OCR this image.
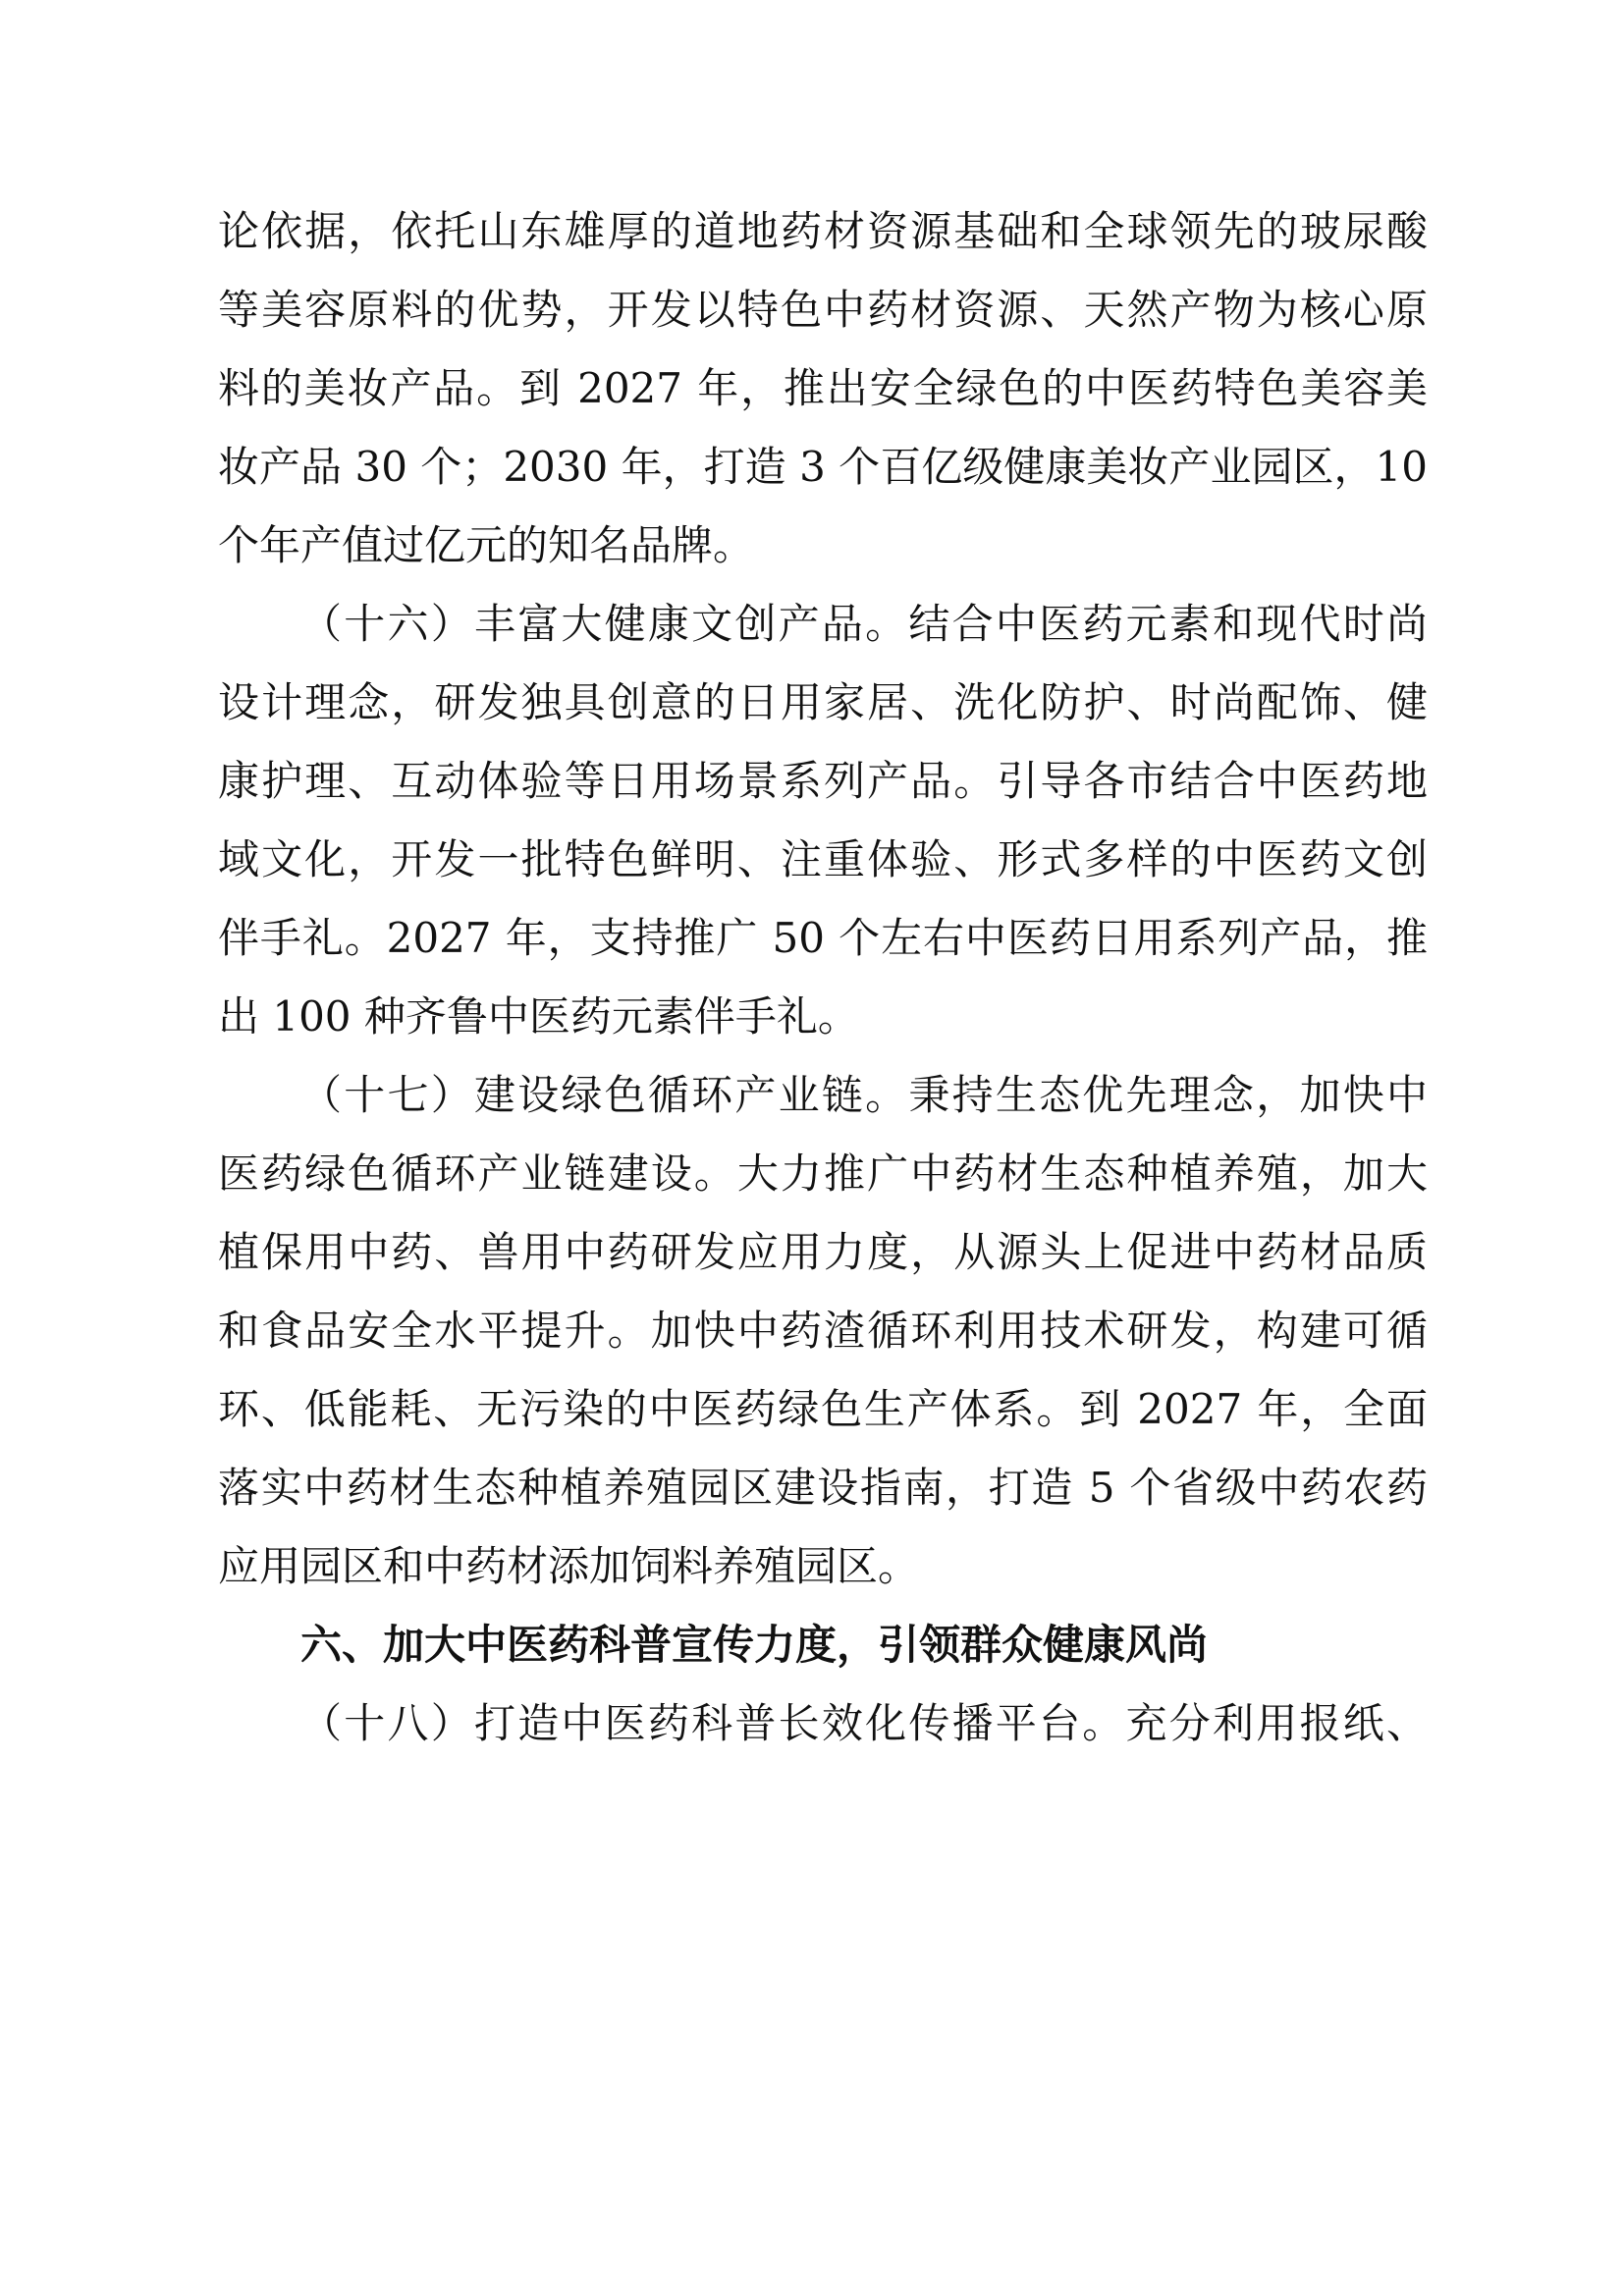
论依据，依托山东雄厚的道地药材资源基础和全球领先的玻尿酸

等美容原料的优势，开发以特色中药材资源、天然产物为核心原

料的美妆产品。到 2027 年，推出安全绿色的中医药特色美容美

妆产品 30 个；2030 年，打造 3 个百亿级健康美妆产业园区，10

个年产值过亿元的知名品牌。

（十六）丰富大健康文创产品。结合中医药元素和现代时尚

设计理念，研发独具创意的日用家居、洗化防护、时尚配饰、健

康护理、互动体验等日用场景系列产品。引导各市结合中医药地

域文化，开发一批特色鲜明、注重体验、形式多样的中医药文创

伴手礼。2027 年，支持推广 50 个左右中医药日用系列产品，推

出 100 种齐鲁中医药元素伴手礼。

（十七）建设绿色循环产业链。秉持生态优先理念，加快中

医药绿色循环产业链建设。大力推广中药材生态种植养殖，加大

植保用中药、兽用中药研发应用力度，从源头上促进中药材品质

和食品安全水平提升。加快中药渣循环利用技术研发，构建可循

环、低能耗、无污染的中医药绿色生产体系。到 2027 年，全面

落实中药材生态种植养殖园区建设指南，打造 5 个省级中药农药

应用园区和中药材添加饲料养殖园区。

六、加大中医药科普宣传力度，引领群众健康风尚

（十八）打造中医药科普长效化传播平台。充分利用报纸、
